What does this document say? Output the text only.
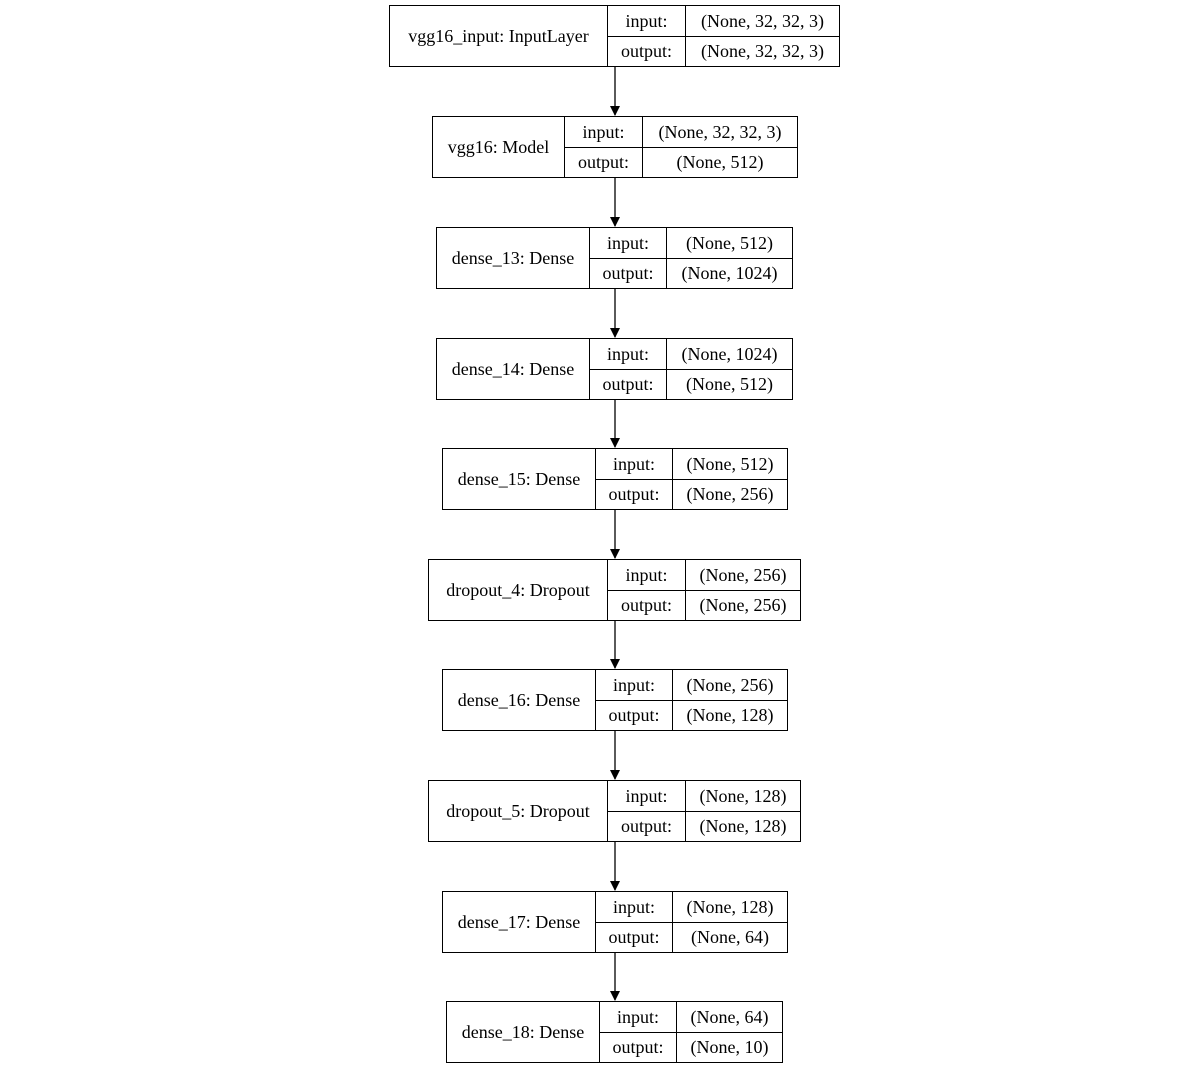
vgg16_input: InputLayer
input:
output:
(None, 32, 32, 3)
(None, 32, 32, 3)
vgg16: Model
input:
output:
(None, 32, 32, 3)
(None, 512)
dense_13: Dense
input:
output:
(None, 512)
(None, 1024)
dense_14: Dense
input:
output:
(None, 1024)
(None, 512)
dense_15: Dense
input:
output:
(None, 512)
(None, 256)
dropout_4: Dropout
input:
output:
(None, 256)
(None, 256)
dense_16: Dense
input:
output:
(None, 256)
(None, 128)
dropout_5: Dropout
input:
output:
(None, 128)
(None, 128)
dense_17: Dense
input:
output:
(None, 128)
(None, 64)
dense_18: Dense
input:
output:
(None, 64)
(None, 10)
